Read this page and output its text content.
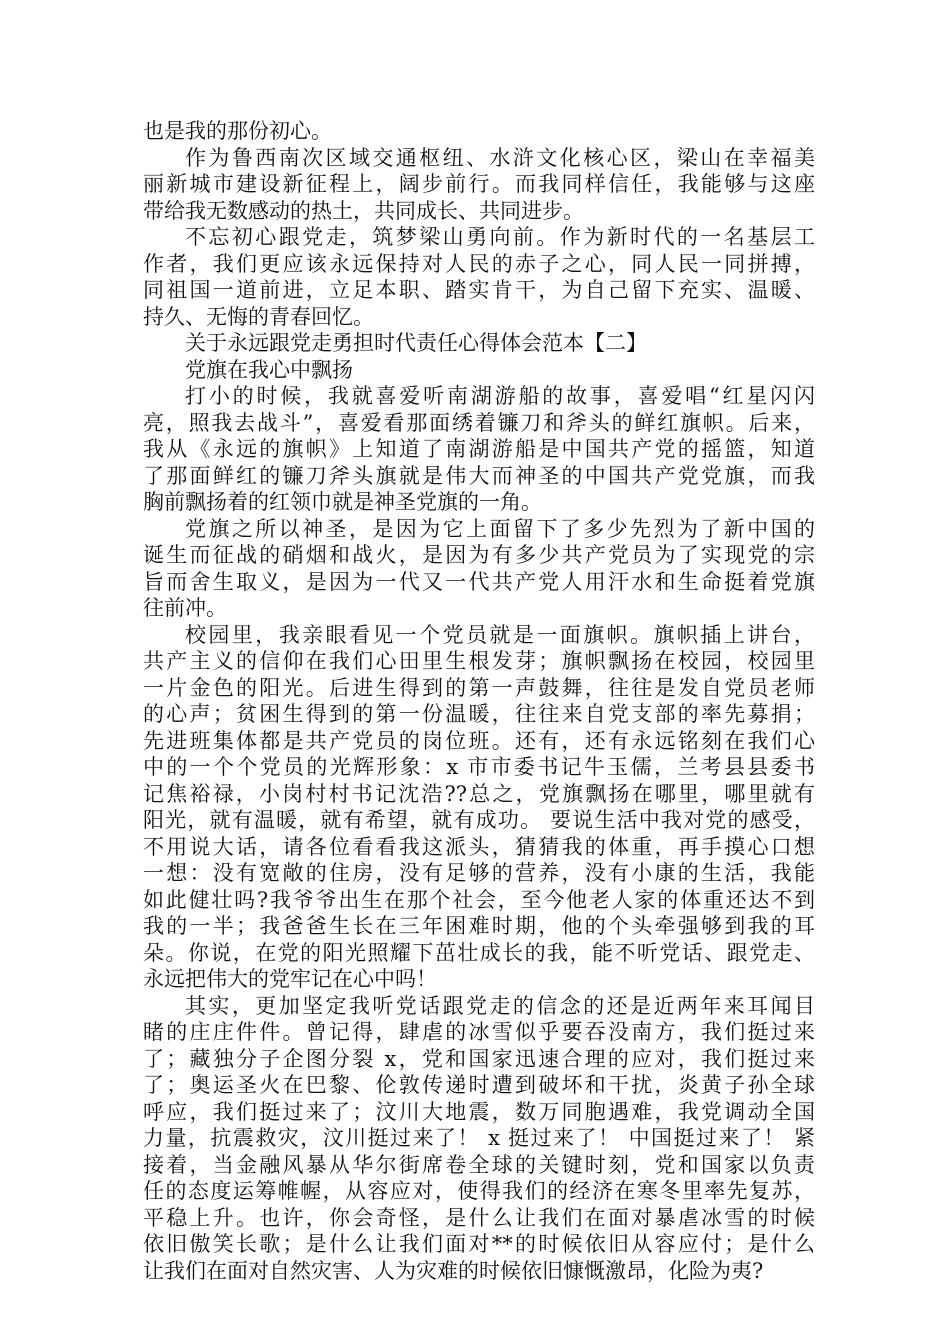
也是我的那份初心。
作为鲁西南次区域交通枢纽、水浒文化核心区，梁山在幸福美
丽新城市建设新征程上，阔步前行。而我同样信任，我能够与这座
带给我无数感动的热土，共同成长、共同进步。
不忘初心跟党走，筑梦梁山勇向前。作为新时代的一名基层工
作者，我们更应该永远保持对人民的赤子之心，同人民一同拼搏，
同祖国一道前进，立足本职、踏实肯干，为自己留下充实、温暖、
持久、无悔的青春回忆。
关于永远跟党走勇担时代责任心得体会范本【二】
党旗在我心中飘扬
打小的时候，我就喜爱听南湖游船的故事，喜爱唱“红星闪闪
亮，照我去战斗”，喜爱看那面绣着镰刀和斧头的鲜红旗帜。后来，
我从《永远的旗帜》上知道了南湖游船是中国共产党的摇篮，知道
了那面鲜红的镰刀斧头旗就是伟大而神圣的中国共产党党旗，而我
胸前飘扬着的红领巾就是神圣党旗的一角。
党旗之所以神圣，是因为它上面留下了多少先烈为了新中国的
诞生而征战的硝烟和战火，是因为有多少共产党员为了实现党的宗
旨而舍生取义，是因为一代又一代共产党人用汗水和生命挺着党旗
往前冲。
校园里，我亲眼看见一个党员就是一面旗帜。旗帜插上讲台，
共产主义的信仰在我们心田里生根发芽；旗帜飘扬在校园，校园里
一片金色的阳光。后进生得到的第一声鼓舞，往往是发自党员老师
的心声；贫困生得到的第一份温暖，往往来自党支部的率先募捐；
先进班集体都是共产党员的岗位班。还有，还有永远铭刻在我们心
中的一个个党员的光辉形象：x 市市委书记牛玉儒，兰考县县委书
记焦裕禄，小岗村村书记沈浩??总之，党旗飘扬在哪里，哪里就有
阳光，就有温暖，就有希望，就有成功。 要说生活中我对党的感受，
不用说大话，请各位看看我这派头，猜猜我的体重，再手摸心口想
一想：没有宽敞的住房，没有足够的营养，没有小康的生活，我能
如此健壮吗?我爷爷出生在那个社会，至今他老人家的体重还达不到
我的一半；我爸爸生长在三年困难时期，他的个头牵强够到我的耳
朵。你说，在党的阳光照耀下茁壮成长的我，能不听党话、跟党走、
永远把伟大的党牢记在心中吗！
其实，更加坚定我听党话跟党走的信念的还是近两年来耳闻目
睹的庄庄件件。曾记得，肆虐的冰雪似乎要吞没南方，我们挺过来
了；藏独分子企图分裂 x，党和国家迅速合理的应对，我们挺过来
了；奥运圣火在巴黎、伦敦传递时遭到破坏和干扰，炎黄子孙全球
呼应，我们挺过来了；汶川大地震，数万同胞遇难，我党调动全国
力量，抗震救灾，汶川挺过来了！ x 挺过来了！ 中国挺过来了！ 紧
接着，当金融风暴从华尔街席卷全球的关键时刻，党和国家以负责
任的态度运筹帷幄，从容应对，使得我们的经济在寒冬里率先复苏，
平稳上升。也许，你会奇怪，是什么让我们在面对暴虐冰雪的时候
依旧傲笑长歌；是什么让我们面对**的时候依旧从容应付；是什么
让我们在面对自然灾害、人为灾难的时候依旧慷慨激昂，化险为夷?
